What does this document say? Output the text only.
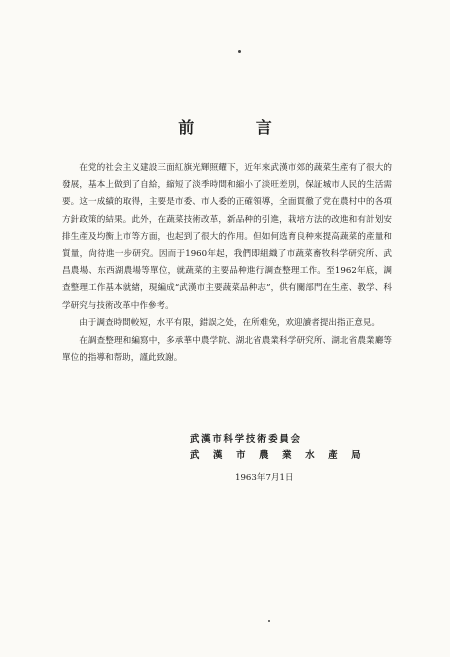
前 言

在党的社会主义建設三面紅旗光輝照耀下，近年來武漢市郊的蔬菜生產有了很大的發展，基本上做到了自給，縮短了淡季時間和縮小了淡旺差別，保証城市人民的生活需要。这一成績的取得，主要是市委、市人委的正確領導，全面貫徹了党在農村中的各項方針政策的結果。此外，在蔬菜技術改革，新品种的引進，栽培方法的改進和有計划安排生產及均衡上市等方面，也起到了很大的作用。但如何选育良种來提高蔬菜的產量和質量，尙待進一步研究。因而于1960年起，我們即組織了市蔬菜畜牧科学研究所、武昌農場、东西湖農場等單位，就蔬菜的主要品种進行調查整理工作。至1962年底，調查整理工作基本就緒，現編成“武漢市主要蔬菜品种志”，供有關部門在生產、教学、科学研究与技術改革中作參考。

由于調查時間較短，水平有限，錯誤之处，在所难免，欢迎讀者提出指正意見。

在調查整理和編寫中，多承華中農学院、湖北省農業科学研究所、湖北省農業廳等單位的指導和帮助，謹此致謝。

武漢市科学技術委員会
武 漢 市 農 業 水 產 局
1963年7月1日
